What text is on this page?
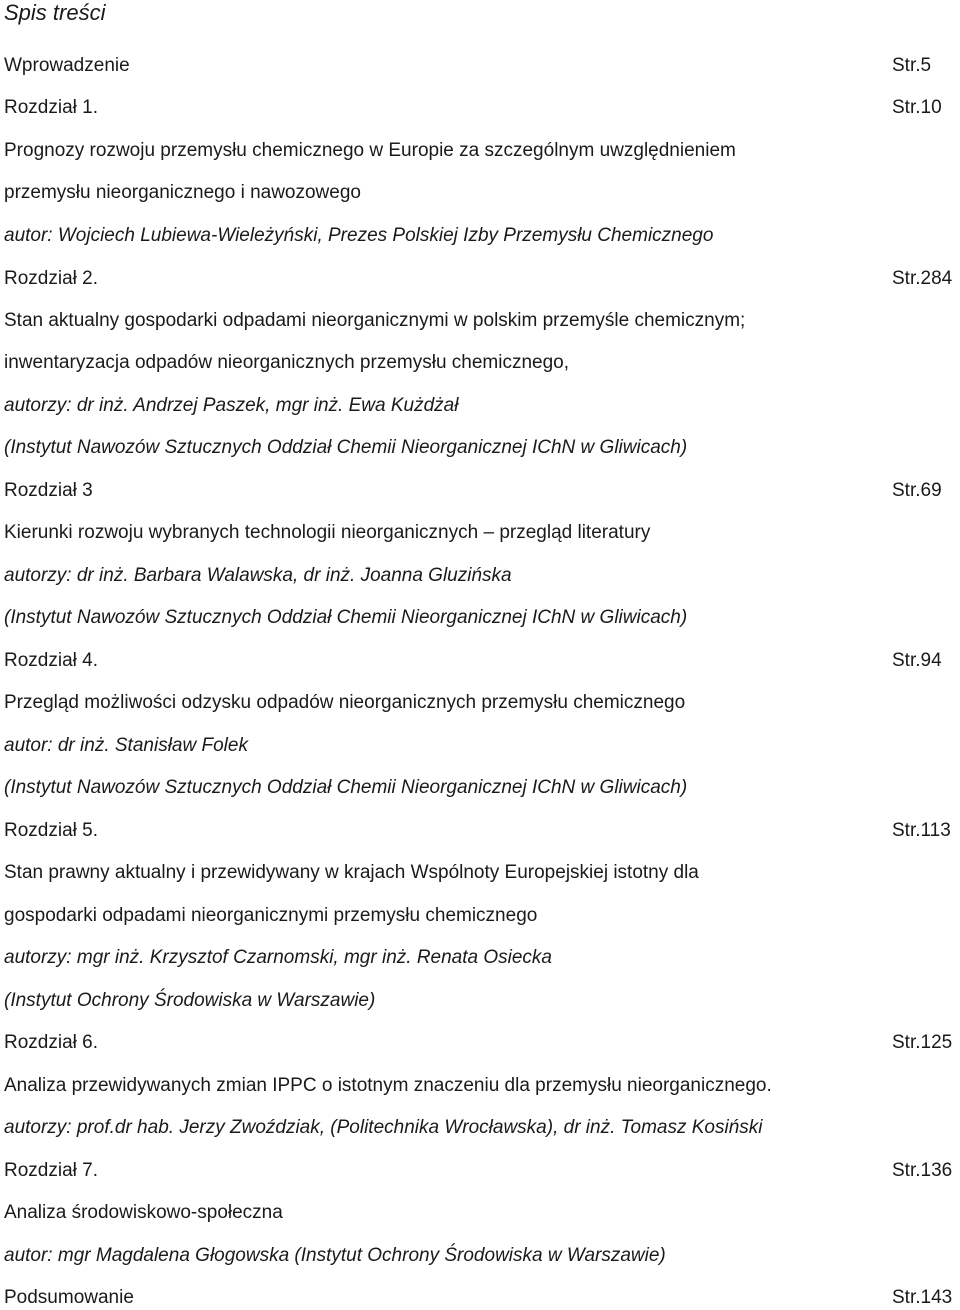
Spis treści
Wprowadzenie	Str.5
Rozdział 1.	Str.10
Prognozy rozwoju przemysłu chemicznego w Europie za szczególnym uwzględnieniem
przemysłu nieorganicznego i nawozowego
autor: Wojciech Lubiewa-Wieleżyński, Prezes Polskiej Izby Przemysłu Chemicznego
Rozdział 2.	Str.284
Stan aktualny gospodarki odpadami nieorganicznymi w polskim przemyśle chemicznym;
inwentaryzacja odpadów nieorganicznych przemysłu chemicznego,
autorzy: dr inż. Andrzej Paszek, mgr inż. Ewa Kużdżał
(Instytut Nawozów Sztucznych Oddział Chemii Nieorganicznej IChN w Gliwicach)
Rozdział 3	Str.69
Kierunki rozwoju wybranych technologii nieorganicznych – przegląd literatury
autorzy: dr inż. Barbara Walawska, dr inż. Joanna Gluzińska
(Instytut Nawozów Sztucznych Oddział Chemii Nieorganicznej IChN w Gliwicach)
Rozdział 4.	Str.94
Przegląd możliwości odzysku odpadów nieorganicznych przemysłu chemicznego
autor: dr inż. Stanisław Folek
(Instytut Nawozów Sztucznych Oddział Chemii Nieorganicznej IChN w Gliwicach)
Rozdział 5.	Str.113
Stan prawny aktualny i przewidywany w krajach Wspólnoty Europejskiej istotny dla
gospodarki odpadami nieorganicznymi przemysłu chemicznego
autorzy: mgr inż. Krzysztof Czarnomski, mgr inż. Renata Osiecka
(Instytut Ochrony Środowiska w Warszawie)
Rozdział 6.	Str.125
Analiza przewidywanych zmian IPPC o istotnym znaczeniu dla przemysłu nieorganicznego.
autorzy: prof.dr hab. Jerzy Zwoździak, (Politechnika Wrocławska), dr inż. Tomasz Kosiński
Rozdział 7.	Str.136
Analiza środowiskowo-społeczna
autor: mgr Magdalena Głogowska (Instytut Ochrony Środowiska w Warszawie)
Podsumowanie	Str.143
